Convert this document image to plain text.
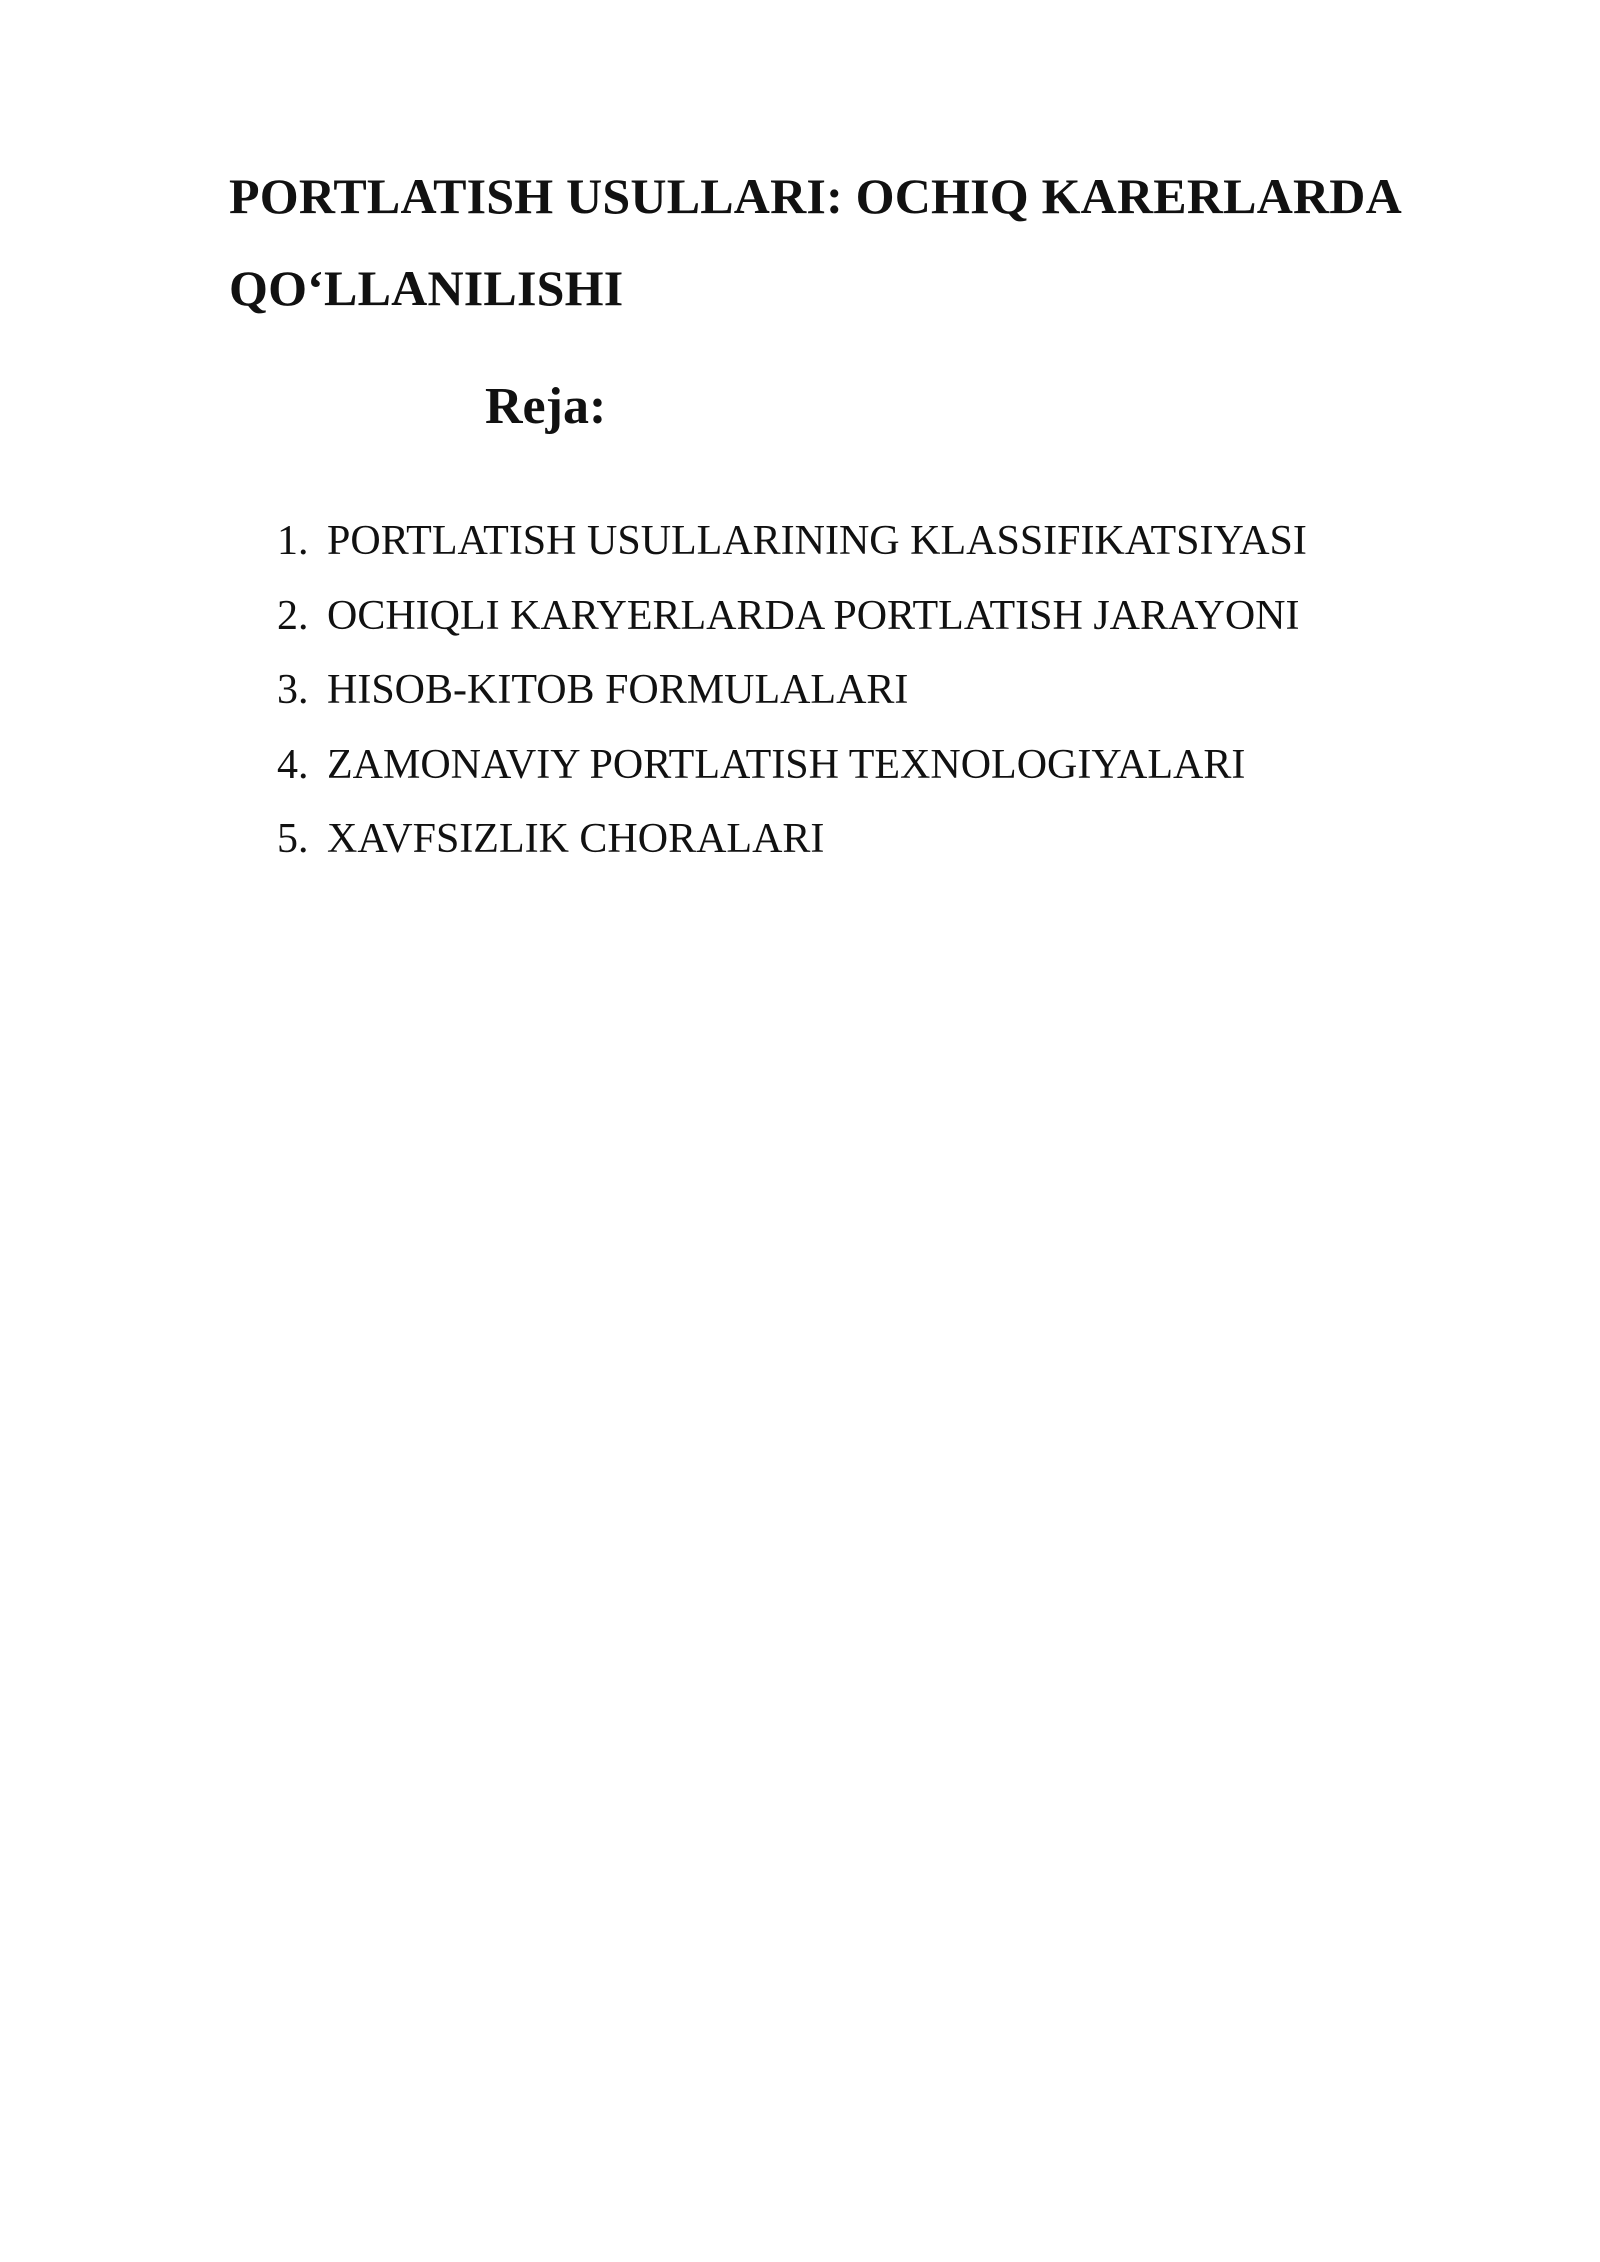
PORTLATISH USULLARI: OCHIQ KARERLARDA
QO‘LLANILISHI
Reja:
1. PORTLATISH USULLARINING KLASSIFIKATSIYASI
2. OCHIQLI KARYERLARDA PORTLATISH JARAYONI
3. HISOB-KITOB FORMULALARI
4. ZAMONAVIY PORTLATISH TEXNOLOGIYALARI
5. XAVFSIZLIK CHORALARI
